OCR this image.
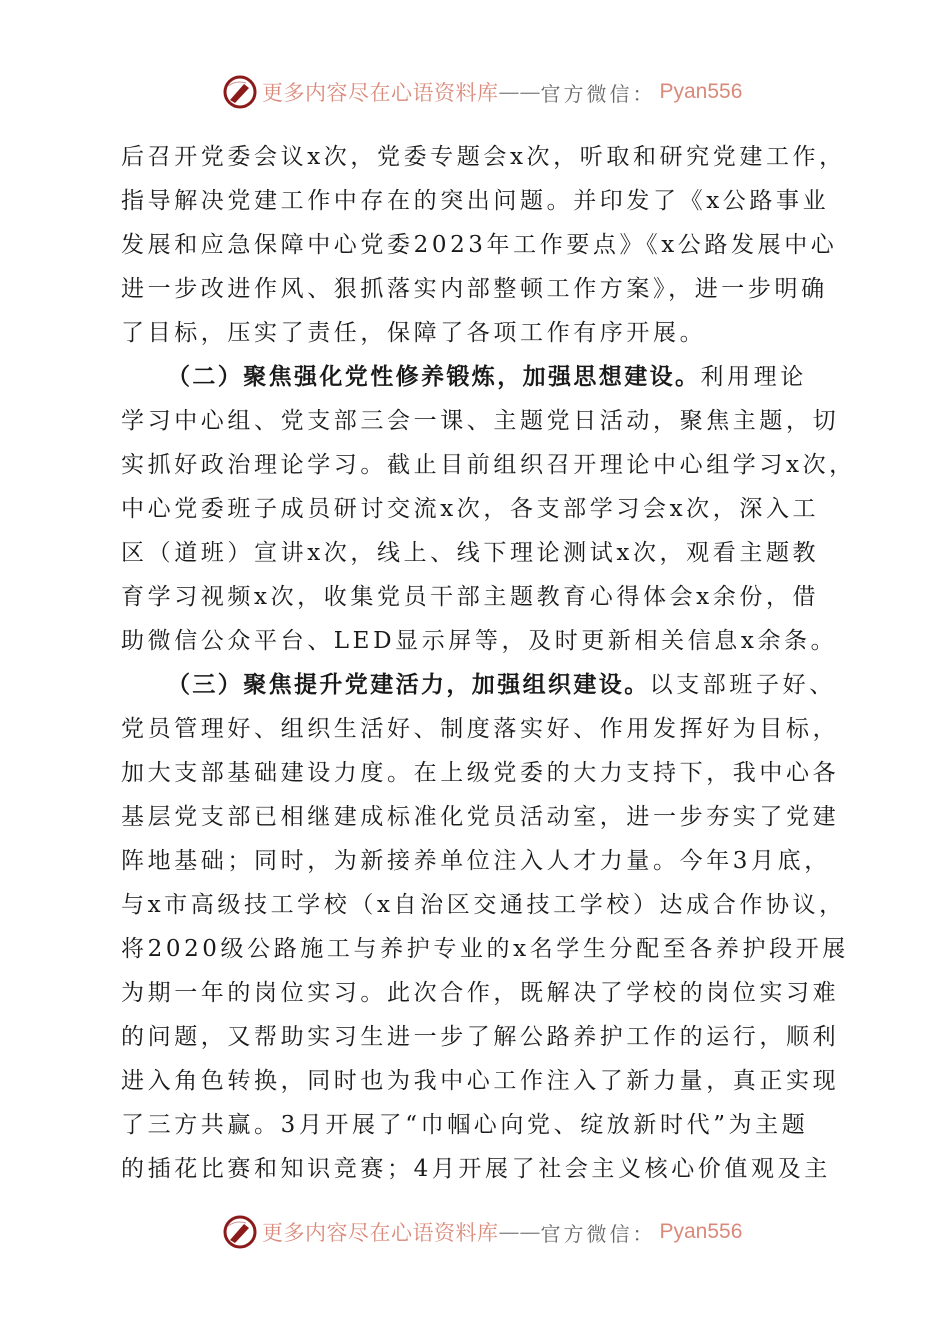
更多内容尽在心语资料库 —— 官方微信： Pyan556
后召开党委会议x次，党委专题会x次，听取和研究党建工作，
指导解决党建工作中存在的突出问题。并印发了《x公路事业
发展和应急保障中心党委2023年工作要点》《x公路发展中心
进一步改进作风、狠抓落实内部整顿工作方案》，进一步明确
了目标，压实了责任，保障了各项工作有序开展。
（二）聚焦强化党性修养锻炼，加强思想建设。利用理论
学习中心组、党支部三会一课、主题党日活动，聚焦主题，切
实抓好政治理论学习。截止目前组织召开理论中心组学习x次，
中心党委班子成员研讨交流x次，各支部学习会x次，深入工
区（道班）宣讲x次，线上、线下理论测试x次，观看主题教
育学习视频x次，收集党员干部主题教育心得体会x余份，借
助微信公众平台、LED显示屏等，及时更新相关信息x余条。
（三）聚焦提升党建活力，加强组织建设。以支部班子好、
党员管理好、组织生活好、制度落实好、作用发挥好为目标，
加大支部基础建设力度。在上级党委的大力支持下，我中心各
基层党支部已相继建成标准化党员活动室，进一步夯实了党建
阵地基础；同时，为新接养单位注入人才力量。今年3月底，
与x市高级技工学校（x自治区交通技工学校）达成合作协议，
将2020级公路施工与养护专业的x名学生分配至各养护段开展
为期一年的岗位实习。此次合作，既解决了学校的岗位实习难
的问题，又帮助实习生进一步了解公路养护工作的运行，顺利
进入角色转换，同时也为我中心工作注入了新力量，真正实现
了三方共赢。3月开展了“巾帼心向党、绽放新时代”为主题
的插花比赛和知识竞赛；4月开展了社会主义核心价值观及主
更多内容尽在心语资料库 —— 官方微信： Pyan556
